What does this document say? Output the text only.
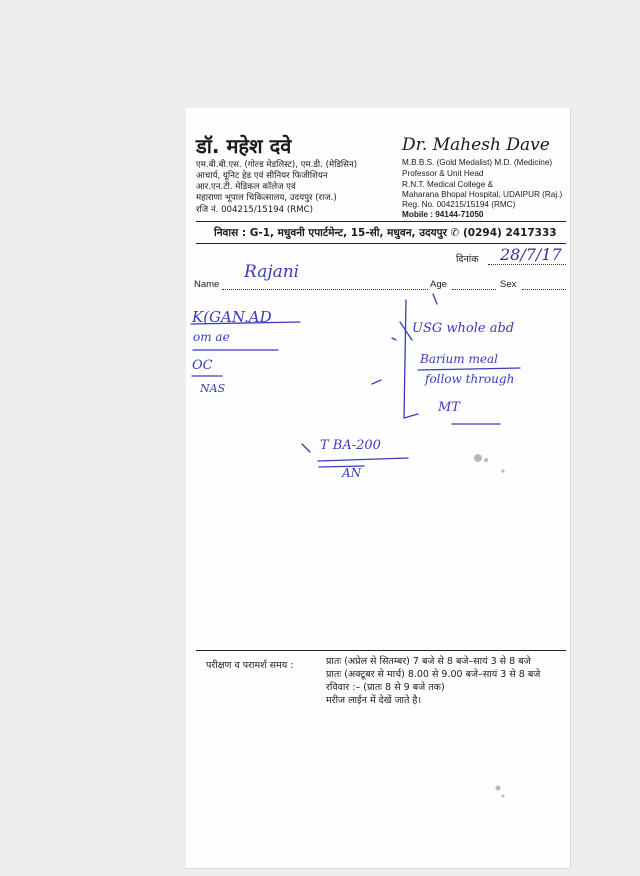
डॉ. महेश दवे
एम.बी.बी.एस. (गोल्ड मेडलिस्ट), एम.डी. (मेडिसिन)
आचार्य, यूनिट हेड एवं सीनियर फिजीशियन
आर.एन.टी. मेडिकल कॉलेज एवं
महाराणा भूपाल चिकित्सालय, उदयपुर (राज.)
रजि नं. 004215/15194 (RMC)
Dr. Mahesh Dave
M.B.B.S. (Gold Medalist) M.D. (Medicine)
Professor & Unit Head
R.N.T. Medical College &
Maharana Bhopal Hospital, UDAIPUR (Raj.)
Reg. No. 004215/15194 (RMC)
Mobile : 94144-71050
निवास : G-1, मधुवनी एपार्टमेन्ट, 15-सी, मधुवन, उदयपुर ✆ (0294) 2417333
दिनांक 28/7/17
Name
Rajani
Age	Sex
K(GAN.AD
om ae
OC
NAS
USG whole abd
Barium meal
follow through
MT
T BA-200
AN
परीक्षण व परामर्श समय :	प्रातः (अप्रेल से सितम्बर) 7 बजे से 8 बजे–सायं 3 से 8 बजे
प्रातः (अक्टूबर से मार्च) 8.00 से 9.00 बजे–सायं 3 से 8 बजे
रविवार :– (प्रातः 8 से 9 बजे तक)
मरीज लाईन में देखें जाते है।
